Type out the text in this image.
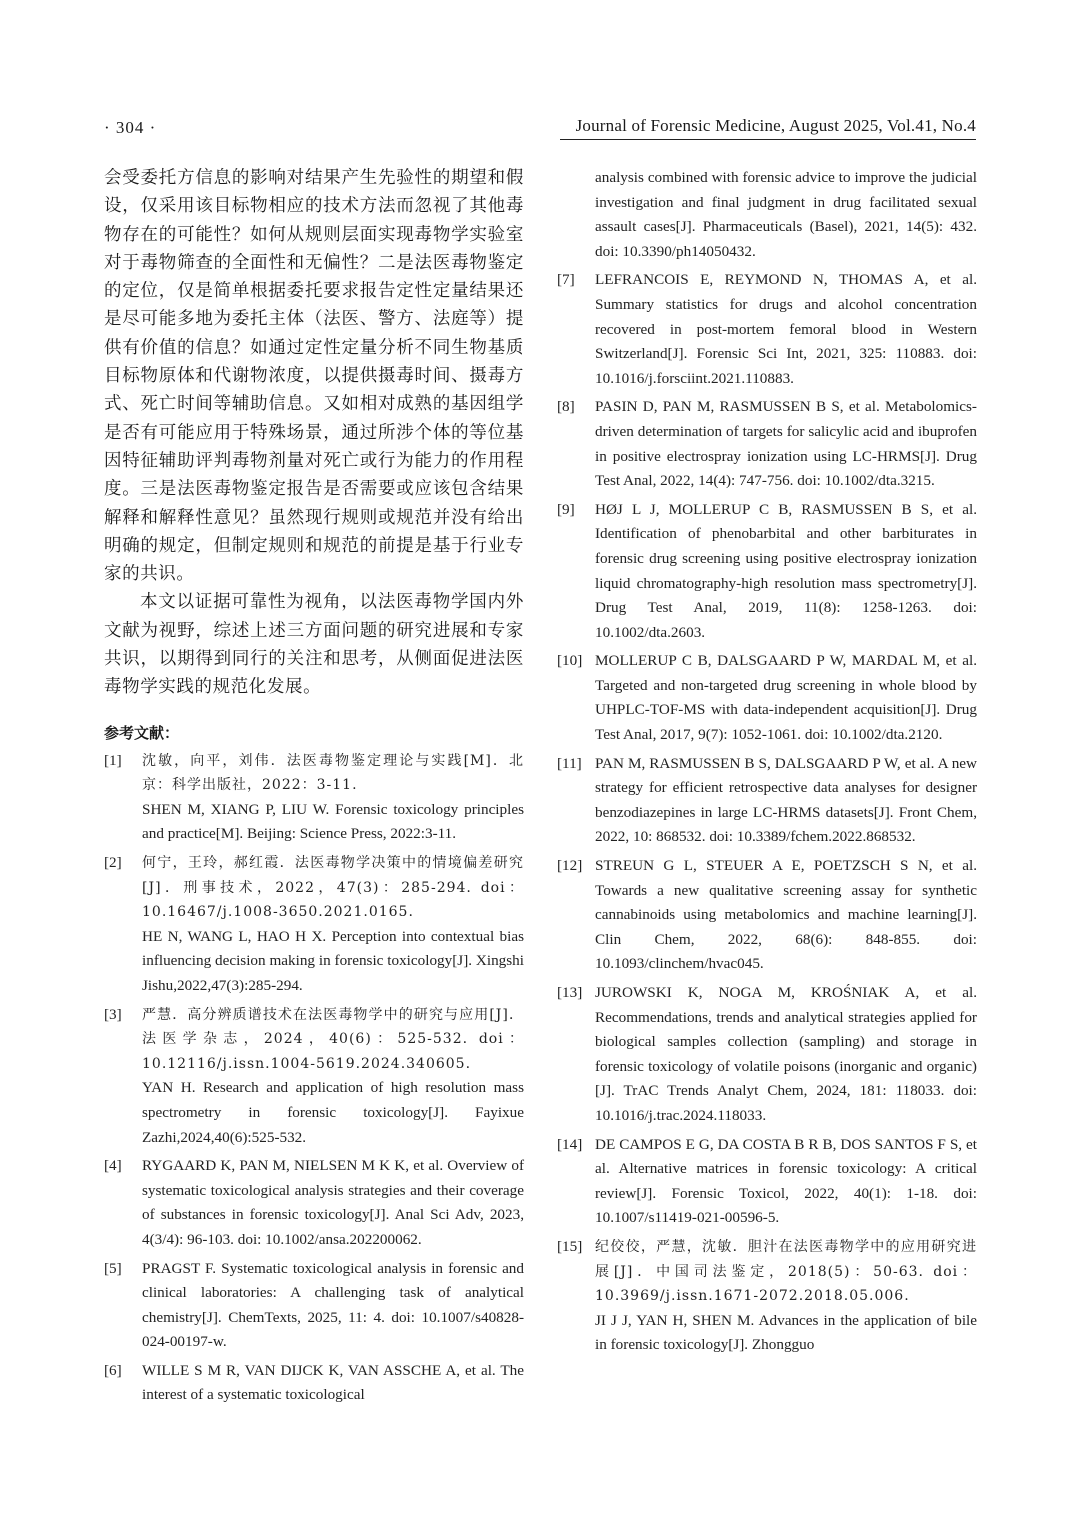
· 304 ·	Journal of Forensic Medicine, August 2025, Vol.41, No.4

会受委托方信息的影响对结果产生先验性的期望和假设，仅采用该目标物相应的技术方法而忽视了其他毒物存在的可能性？如何从规则层面实现毒物学实验室对于毒物筛查的全面性和无偏性？二是法医毒物鉴定的定位，仅是简单根据委托要求报告定性定量结果还是尽可能多地为委托主体（法医、警方、法庭等）提供有价值的信息？如通过定性定量分析不同生物基质目标物原体和代谢物浓度，以提供摄毒时间、摄毒方式、死亡时间等辅助信息。又如相对成熟的基因组学是否有可能应用于特殊场景，通过所涉个体的等位基因特征辅助评判毒物剂量对死亡或行为能力的作用程度。三是法医毒物鉴定报告是否需要或应该包含结果解释和解释性意见？虽然现行规则或规范并没有给出明确的规定，但制定规则和规范的前提是基于行业专家的共识。

本文以证据可靠性为视角，以法医毒物学国内外文献为视野，综述上述三方面问题的研究进展和专家共识，以期得到同行的关注和思考，从侧面促进法医毒物学实践的规范化发展。

参考文献：
[1]	沈敏，向平，刘伟．法医毒物鉴定理论与实践[M]．北京：科学出版社，2022：3-11.
SHEN M, XIANG P, LIU W. Forensic toxicology principles and practice[M]. Beijing: Science Press, 2022:3-11.
[2]	何宁，王玲，郝红霞．法医毒物学决策中的情境偏差研究[J]．刑事技术，2022，47(3)：285-294. doi：10.16467/j.1008-3650.2021.0165.
HE N, WANG L, HAO H X. Perception into contextual bias influencing decision making in forensic toxicology[J]. Xingshi Jishu,2022,47(3):285-294.
[3]	严慧．高分辨质谱技术在法医毒物学中的研究与应用[J]．法医学杂志，2024，40(6)：525-532. doi：10.12116/j.issn.1004-5619.2024.340605.
YAN H. Research and application of high resolution mass spectrometry in forensic toxicology[J]. Fayixue Zazhi,2024,40(6):525-532.
[4]	RYGAARD K, PAN M, NIELSEN M K K, et al. Overview of systematic toxicological analysis strategies and their coverage of substances in forensic toxicology[J]. Anal Sci Adv, 2023, 4(3/4): 96-103. doi: 10.1002/ansa.202200062.
[5]	PRAGST F. Systematic toxicological analysis in forensic and clinical laboratories: A challenging task of analytical chemistry[J]. ChemTexts, 2025, 11: 4. doi: 10.1007/s40828-024-00197-w.
[6]	WILLE S M R, VAN DIJCK K, VAN ASSCHE A, et al. The interest of a systematic toxicological
analysis combined with forensic advice to improve the judicial investigation and final judgment in drug facilitated sexual assault cases[J]. Pharmaceuticals (Basel), 2021, 14(5): 432. doi: 10.3390/ph14050432.
[7]	LEFRANCOIS E, REYMOND N, THOMAS A, et al. Summary statistics for drugs and alcohol concentration recovered in post-mortem femoral blood in Western Switzerland[J]. Forensic Sci Int, 2021, 325: 110883. doi: 10.1016/j.forsciint.2021.110883.
[8]	PASIN D, PAN M, RASMUSSEN B S, et al. Metabolomics-driven determination of targets for salicylic acid and ibuprofen in positive electrospray ionization using LC-HRMS[J]. Drug Test Anal, 2022, 14(4): 747-756. doi: 10.1002/dta.3215.
[9]	HØJ L J, MOLLERUP C B, RASMUSSEN B S, et al. Identification of phenobarbital and other barbiturates in forensic drug screening using positive electrospray ionization liquid chromatography-high resolution mass spectrometry[J]. Drug Test Anal, 2019, 11(8): 1258-1263. doi: 10.1002/dta.2603.
[10] MOLLERUP C B, DALSGAARD P W, MARDAL M, et al. Targeted and non-targeted drug screening in whole blood by UHPLC-TOF-MS with data-independent acquisition[J]. Drug Test Anal, 2017, 9(7): 1052-1061. doi: 10.1002/dta.2120.
[11] PAN M, RASMUSSEN B S, DALSGAARD P W, et al. A new strategy for efficient retrospective data analyses for designer benzodiazepines in large LC-HRMS datasets[J]. Front Chem, 2022, 10: 868532. doi: 10.3389/fchem.2022.868532.
[12] STREUN G L, STEUER A E, POETZSCH S N, et al. Towards a new qualitative screening assay for synthetic cannabinoids using metabolomics and machine learning[J]. Clin Chem, 2022, 68(6): 848-855. doi: 10.1093/clinchem/hvac045.
[13] JUROWSKI K, NOGA M, KROŚNIAK A, et al. Recommendations, trends and analytical strategies applied for biological samples collection (sampling) and storage in forensic toxicology of volatile poisons (inorganic and organic)[J]. TrAC Trends Analyt Chem, 2024, 181: 118033. doi: 10.1016/j.trac.2024.118033.
[14] DE CAMPOS E G, DA COSTA B R B, DOS SANTOS F S, et al. Alternative matrices in forensic toxicology: A critical review[J]. Forensic Toxicol, 2022, 40(1): 1-18. doi: 10.1007/s11419-021-00596-5.
[15] 纪佼佼，严慧，沈敏．胆汁在法医毒物学中的应用研究进展[J]．中国司法鉴定，2018(5)：50-63. doi：10.3969/j.issn.1671-2072.2018.05.006.
JI J J, YAN H, SHEN M. Advances in the application of bile in forensic toxicology[J]. Zhongguo
